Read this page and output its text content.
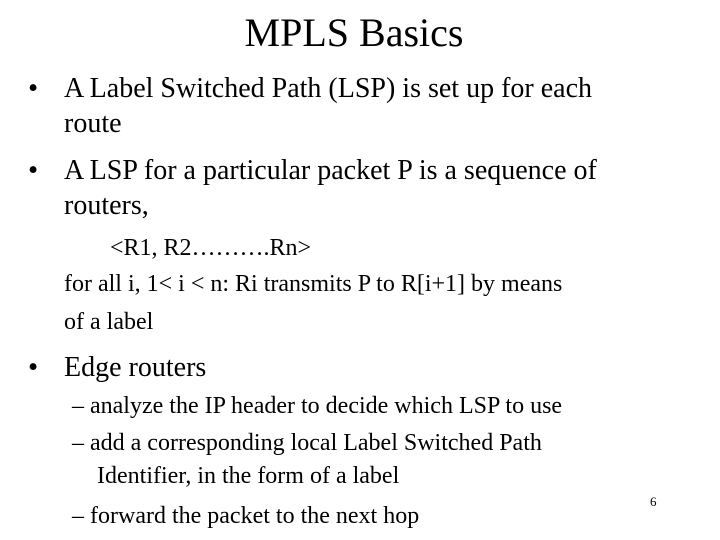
MPLS Basics
• A Label Switched Path (LSP) is set up for each
route
• A LSP for a particular packet P is a sequence of
routers,
<R1, R2……….Rn>
for all i, 1< i < n: Ri transmits P to R[i+1] by means
of a label
• Edge routers
– analyze the IP header to decide which LSP to use
– add a corresponding local Label Switched Path
Identifier, in the form of a label
– forward the packet to the next hop
6
